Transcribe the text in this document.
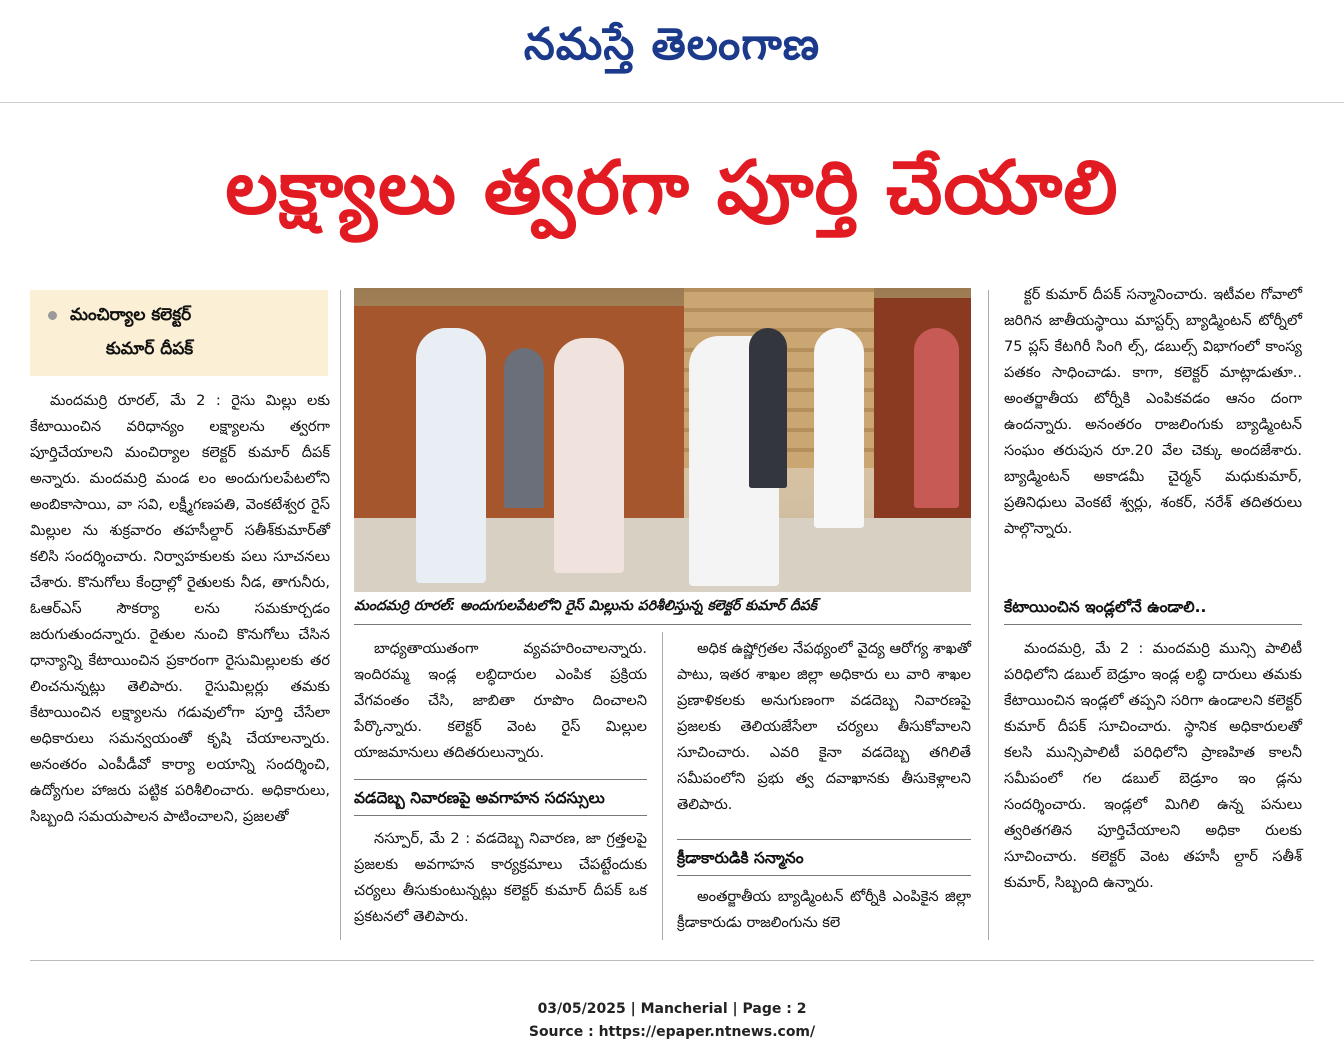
నమస్తే తెలంగాణ
లక్ష్యాలు త్వరగా పూర్తి చేయాలి
మంచిర్యాల కలెక్టర్
కుమార్ దీపక్

మందమర్రి రూరల్, మే 2 : రైసు మిల్లు లకు కేటాయించిన వరిధాన్యం లక్ష్యాలను త్వరగా పూర్తిచేయాలని మంచిర్యాల కలెక్టర్ కుమార్ దీపక్ అన్నారు. మందమర్రి మండ లం అందుగులపేటలోని అంబికాసాయి, వా సవి, లక్ష్మీగణపతి, వెంకటేశ్వర రైస్ మిల్లుల ను శుక్రవారం తహసీల్దార్ సతీశ్‌కుమార్‌తో కలిసి సందర్శించారు. నిర్వాహకులకు పలు సూచనలు చేశారు. కొనుగోలు కేంద్రాల్లో రైతులకు నీడ, తాగునీరు, ఓఆర్ఎస్ సౌకర్యా లను సమకూర్చడం జరుగుతుందన్నారు. రైతుల నుంచి కొనుగోలు చేసిన ధాన్యాన్ని కేటాయించిన ప్రకారంగా రైసుమిల్లులకు తర లించనున్నట్లు తెలిపారు. రైసుమిల్లర్లు తమకు కేటాయించిన లక్ష్యాలను గడువులోగా పూర్తి చేసేలా అధికారులు సమన్వయంతో కృషి చేయాలన్నారు. అనంతరం ఎంపీడీవో కార్యా లయాన్ని సందర్శించి, ఉద్యోగుల హాజరు పట్టిక పరిశీలించారు. అధికారులు, సిబ్బంది సమయపాలన పాటించాలని, ప్రజలతో

మందమర్రి రూరల్‌: అందుగులపేటలోని రైస్ మిల్లును పరిశీలిస్తున్న కలెక్టర్ కుమార్ దీపక్

బాధ్యతాయుతంగా వ్యవహరించాలన్నారు. ఇందిరమ్మ ఇండ్ల లబ్ధిదారుల ఎంపిక ప్రక్రియ వేగవంతం చేసి, జాబితా రూపొం దించాలని పేర్కొన్నారు. కలెక్టర్ వెంట రైస్ మిల్లుల యాజమానులు తదితరులున్నారు.

వడదెబ్బ నివారణపై అవగాహన సదస్సులు

నస్పూర్, మే 2 : వడదెబ్బ నివారణ, జా గ్రత్తలపై ప్రజలకు అవగాహన కార్యక్రమాలు చేపట్టేందుకు చర్యలు తీసుకుంటున్నట్లు కలెక్టర్ కుమార్ దీపక్ ఒక ప్రకటనలో తెలిపారు.

అధిక ఉష్ణోగ్రతల నేపథ్యంలో వైద్య ఆరోగ్య శాఖతో పాటు, ఇతర శాఖల జిల్లా అధికారు లు వారి శాఖల ప్రణాళికలకు అనుగుణంగా వడదెబ్బ నివారణపై ప్రజలకు తెలియజేసేలా చర్యలు తీసుకోవాలని సూచించారు. ఎవరి కైనా వడదెబ్బ తగిలితే సమీపంలోని ప్రభు త్వ దవాఖానకు తీసుకెళ్లాలని తెలిపారు.

క్రీడాకారుడికి సన్మానం

అంతర్జాతీయ బ్యాడ్మింటన్ టోర్నీకి ఎంపికైన జిల్లా క్రీడాకారుడు రాజలింగును కలె

క్టర్ కుమార్ దీపక్ సన్మానించారు. ఇటీవల గోవాలో జరిగిన జాతీయస్థాయి మాస్టర్స్ బ్యాడ్మింటన్ టోర్నీలో 75 ప్లస్ కేటగిరీ సింగి ల్స్, డబుల్స్ విభాగంలో కాంస్య పతకం సాధించాడు. కాగా, కలెక్టర్ మాట్లాడుతూ.. అంతర్జాతీయ టోర్నీకి ఎంపికవడం ఆనం దంగా ఉందన్నారు. అనంతరం రాజలింగుకు బ్యాడ్మింటన్ సంఘం తరుపున రూ.20 వేల చెక్కు అందజేశారు. బ్యాడ్మింటన్ అకాడమీ చైర్మన్ మధుకుమార్, ప్రతినిధులు వెంకటే శ్వర్లు, శంకర్, నరేశ్ తదితరులు పాల్గొన్నారు.

కేటాయించిన ఇండ్లలోనే ఉండాలి..

మందమర్రి, మే 2 : మందమర్రి మున్సి పాలిటీ పరిధిలోని డబుల్ బెడ్రూం ఇండ్ల లబ్ధి దారులు తమకు కేటాయించిన ఇండ్లలో తప్పని సరిగా ఉండాలని కలెక్టర్ కుమార్ దీపక్ సూచించారు. స్థానిక అధికారులతో కలసి మున్సిపాలిటీ పరిధిలోని ప్రాణహిత కాలనీ సమీపంలో గల డబుల్ బెడ్రూం ఇం డ్లను సందర్శించారు. ఇండ్లలో మిగిలి ఉన్న పనులు త్వరితగతిన పూర్తిచేయాలని అధికా రులకు సూచించారు. కలెక్టర్ వెంట తహసీ ల్దార్ సతీశ్ కుమార్, సిబ్బంది ఉన్నారు.

03/05/2025 | Mancherial | Page : 2
Source : https://epaper.ntnews.com/
